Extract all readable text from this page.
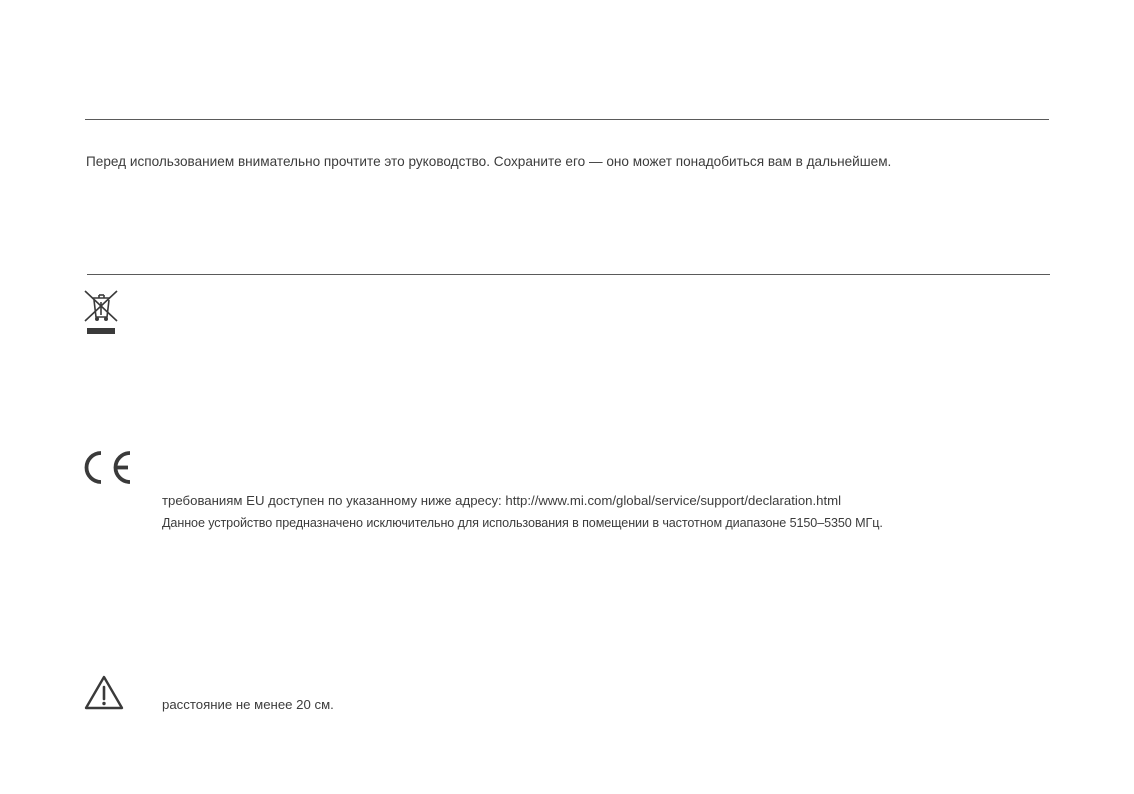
Перед использованием внимательно прочтите это руководство. Сохраните его — оно может понадобиться вам в дальнейшем.
требованиям EU доступен по указанному ниже адресу: http://www.mi.com/global/service/support/declaration.html
Данное устройство предназначено исключительно для использования в помещении в частотном диапазоне 5150–5350 МГц.
расстояние не менее 20 см.
